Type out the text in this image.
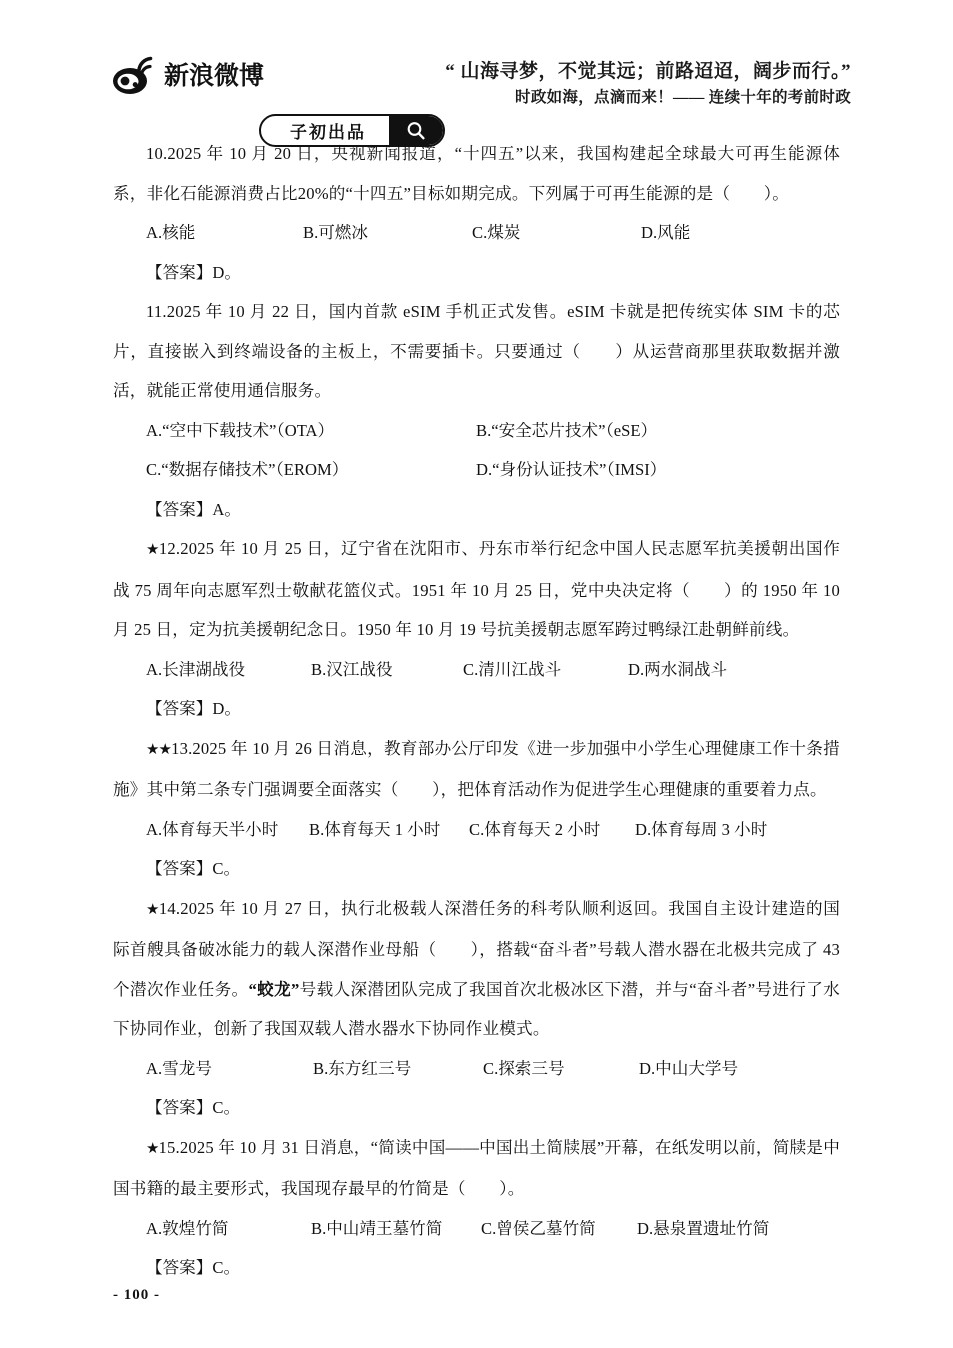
新浪微博
子初出品
“ 山海寻梦，不觉其远；前路迢迢，阔步而行。”
时政如海，点滴而来！—— 连续十年的考前时政

10.2025 年 10 月 20 日，央视新闻报道，“十四五”以来，我国构建起全球最大可再生能源体系，非化石能源消费占比20%的“十四五”目标如期完成。下列属于可再生能源的是（　　）。

A.核能	B.可燃冰	C.煤炭	D.风能

【答案】D。

11.2025 年 10 月 22 日，国内首款 eSIM 手机正式发售。eSIM 卡就是把传统实体 SIM 卡的芯片，直接嵌入到终端设备的主板上，不需要插卡。只要通过（　　）从运营商那里获取数据并激活，就能正常使用通信服务。

A.“空中下载技术”（OTA）	B.“安全芯片技术”（eSE）
C.“数据存储技术”（EROM）	D.“身份认证技术”（IMSI）

【答案】A。

★12.2025 年 10 月 25 日，辽宁省在沈阳市、丹东市举行纪念中国人民志愿军抗美援朝出国作战 75 周年向志愿军烈士敬献花篮仪式。1951 年 10 月 25 日，党中央决定将（　　）的 1950 年 10 月 25 日，定为抗美援朝纪念日。1950 年 10 月 19 号抗美援朝志愿军跨过鸭绿江赴朝鲜前线。

A.长津湖战役	B.汉江战役	C.清川江战斗	D.两水洞战斗

【答案】D。

★★13.2025 年 10 月 26 日消息，教育部办公厅印发《进一步加强中小学生心理健康工作十条措施》其中第二条专门强调要全面落实（　　），把体育活动作为促进学生心理健康的重要着力点。

A.体育每天半小时	B.体育每天 1 小时	C.体育每天 2 小时	D.体育每周 3 小时

【答案】C。

★14.2025 年 10 月 27 日，执行北极载人深潜任务的科考队顺利返回。我国自主设计建造的国际首艘具备破冰能力的载人深潜作业母船（　　），搭载“奋斗者”号载人潜水器在北极共完成了 43 个潜次作业任务。“蛟龙”号载人深潜团队完成了我国首次北极冰区下潜，并与“奋斗者”号进行了水下协同作业，创新了我国双载人潜水器水下协同作业模式。

A.雪龙号	B.东方红三号	C.探索三号	D.中山大学号

【答案】C。

★15.2025 年 10 月 31 日消息，“简读中国——中国出土简牍展”开幕，在纸发明以前，简牍是中国书籍的最主要形式，我国现存最早的竹简是（　　）。

A.敦煌竹简	B.中山靖王墓竹简	C.曾侯乙墓竹简	D.悬泉置遗址竹简

【答案】C。

- 100 -
